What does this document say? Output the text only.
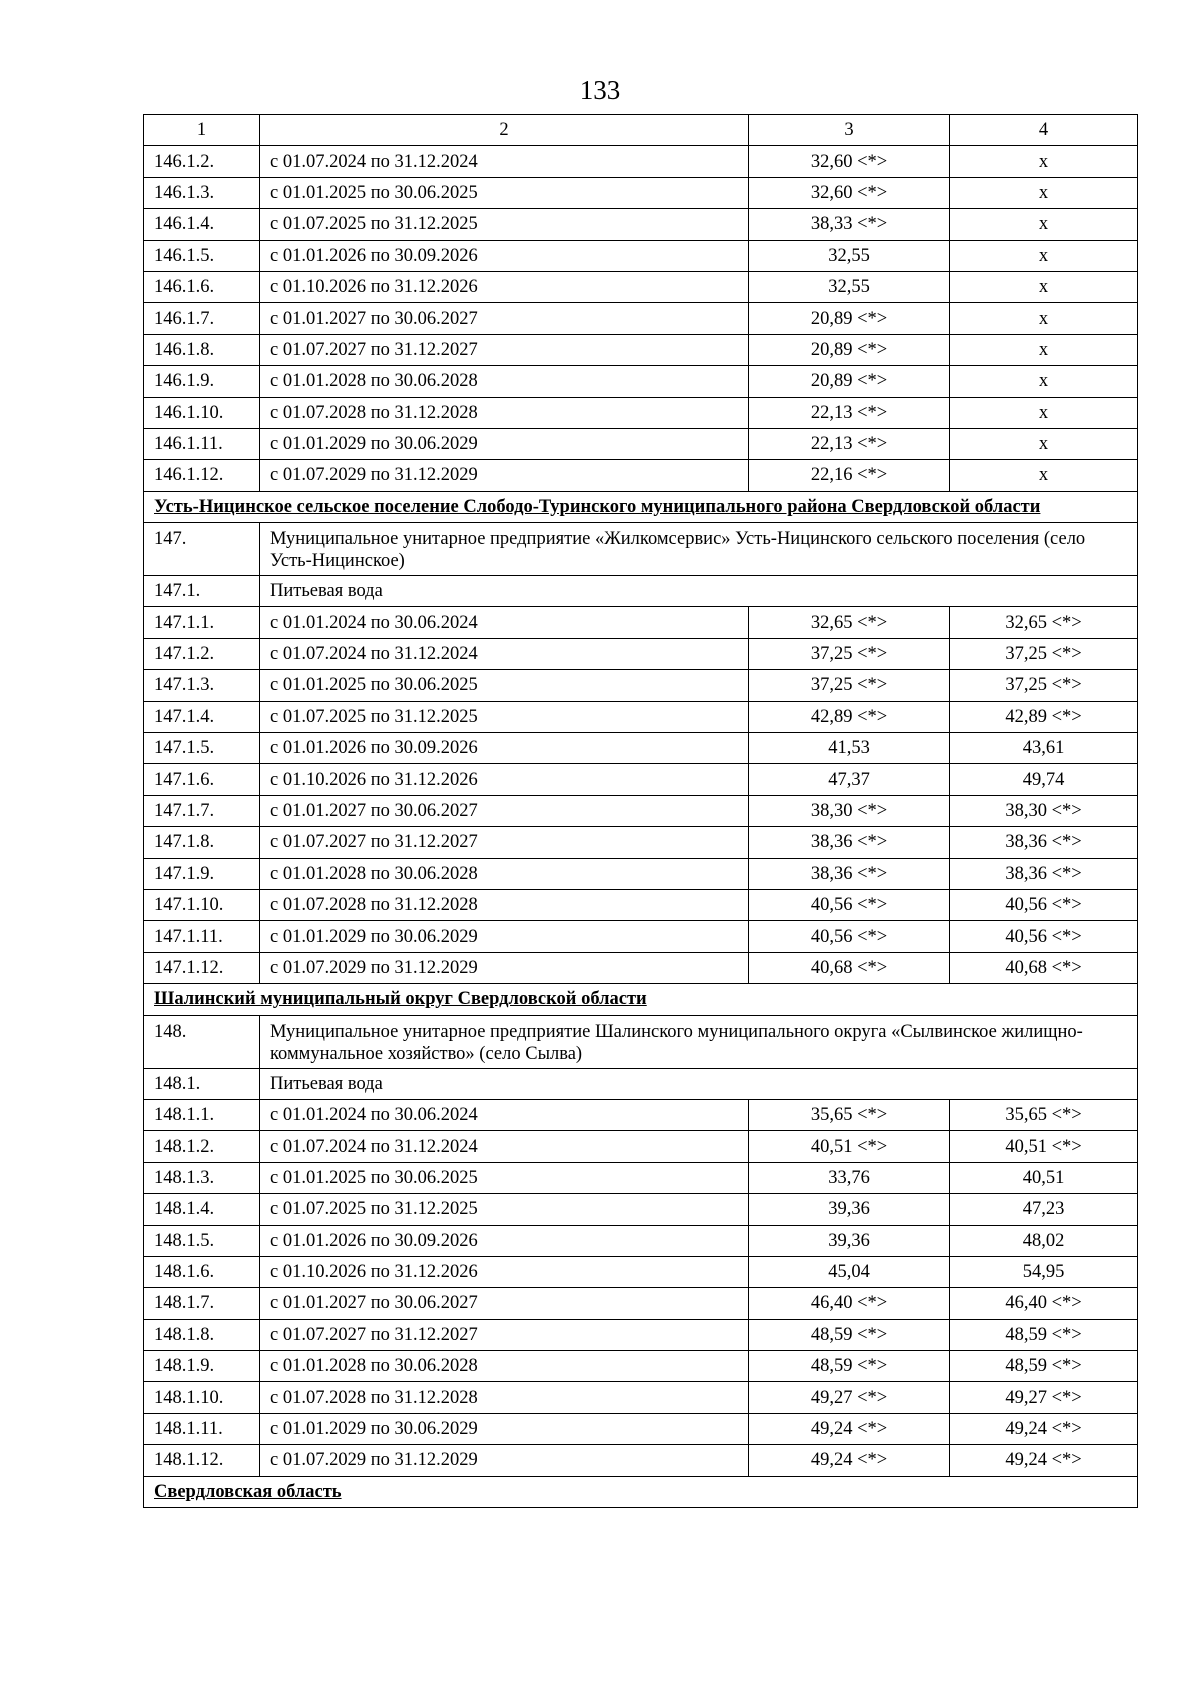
133
1	2	3	4
146.1.2.	с 01.07.2024 по 31.12.2024	32,60 <*>	х
146.1.3.	с 01.01.2025 по 30.06.2025	32,60 <*>	х
146.1.4.	с 01.07.2025 по 31.12.2025	38,33 <*>	х
146.1.5.	с 01.01.2026 по 30.09.2026	32,55	х
146.1.6.	с 01.10.2026 по 31.12.2026	32,55	х
146.1.7.	с 01.01.2027 по 30.06.2027	20,89 <*>	х
146.1.8.	с 01.07.2027 по 31.12.2027	20,89 <*>	х
146.1.9.	с 01.01.2028 по 30.06.2028	20,89 <*>	х
146.1.10.	с 01.07.2028 по 31.12.2028	22,13 <*>	х
146.1.11.	с 01.01.2029 по 30.06.2029	22,13 <*>	х
146.1.12.	с 01.07.2029 по 31.12.2029	22,16 <*>	х
Усть-Ницинское сельское поселение Слободо-Туринского муниципального района Свердловской области			
147.	Муниципальное унитарное предприятие «Жилкомсервис» Усть-Ницинского сельского поселения (село Усть-Ницинское)		
147.1.	Питьевая вода		
147.1.1.	с 01.01.2024 по 30.06.2024	32,65 <*>	32,65 <*>
147.1.2.	с 01.07.2024 по 31.12.2024	37,25 <*>	37,25 <*>
147.1.3.	с 01.01.2025 по 30.06.2025	37,25 <*>	37,25 <*>
147.1.4.	с 01.07.2025 по 31.12.2025	42,89 <*>	42,89 <*>
147.1.5.	с 01.01.2026 по 30.09.2026	41,53	43,61
147.1.6.	с 01.10.2026 по 31.12.2026	47,37	49,74
147.1.7.	с 01.01.2027 по 30.06.2027	38,30 <*>	38,30 <*>
147.1.8.	с 01.07.2027 по 31.12.2027	38,36 <*>	38,36 <*>
147.1.9.	с 01.01.2028 по 30.06.2028	38,36 <*>	38,36 <*>
147.1.10.	с 01.07.2028 по 31.12.2028	40,56 <*>	40,56 <*>
147.1.11.	с 01.01.2029 по 30.06.2029	40,56 <*>	40,56 <*>
147.1.12.	с 01.07.2029 по 31.12.2029	40,68 <*>	40,68 <*>
Шалинский муниципальный округ Свердловской области			
148.	Муниципальное унитарное предприятие Шалинского муниципального округа «Сылвинское жилищно-коммунальное хозяйство» (село Сылва)		
148.1.	Питьевая вода		
148.1.1.	с 01.01.2024 по 30.06.2024	35,65 <*>	35,65 <*>
148.1.2.	с 01.07.2024 по 31.12.2024	40,51 <*>	40,51 <*>
148.1.3.	с 01.01.2025 по 30.06.2025	33,76	40,51
148.1.4.	с 01.07.2025 по 31.12.2025	39,36	47,23
148.1.5.	с 01.01.2026 по 30.09.2026	39,36	48,02
148.1.6.	с 01.10.2026 по 31.12.2026	45,04	54,95
148.1.7.	с 01.01.2027 по 30.06.2027	46,40 <*>	46,40 <*>
148.1.8.	с 01.07.2027 по 31.12.2027	48,59 <*>	48,59 <*>
148.1.9.	с 01.01.2028 по 30.06.2028	48,59 <*>	48,59 <*>
148.1.10.	с 01.07.2028 по 31.12.2028	49,27 <*>	49,27 <*>
148.1.11.	с 01.01.2029 по 30.06.2029	49,24 <*>	49,24 <*>
148.1.12.	с 01.07.2029 по 31.12.2029	49,24 <*>	49,24 <*>
Свердловская область			
